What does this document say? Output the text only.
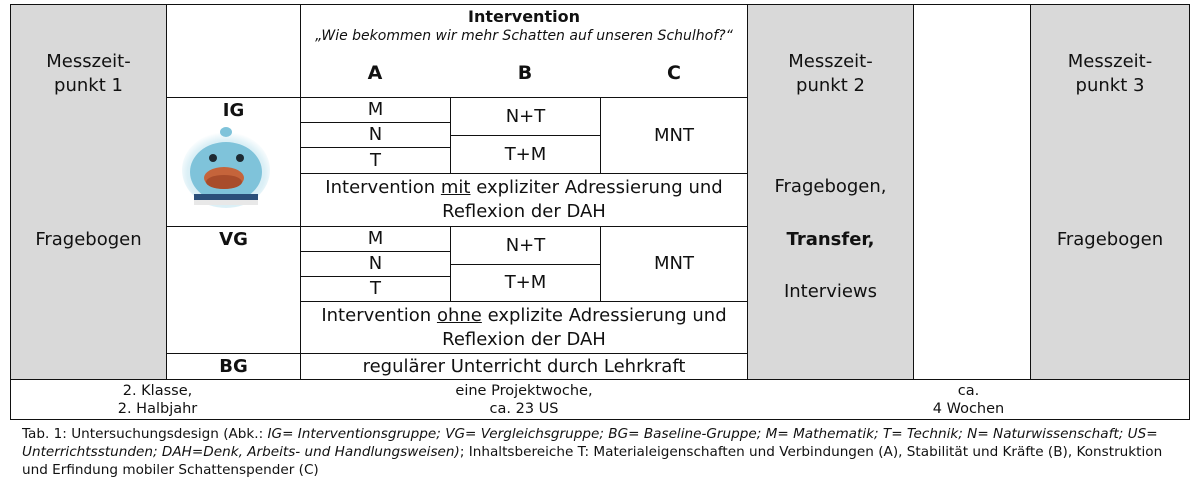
Messzeit-
punkt 1
Fragebogen
IG
VG
BG
Intervention
„Wie bekommen wir mehr Schatten auf unseren Schulhof?“
A	B	C
M
N
T
N+T
T+M
MNT
Intervention mit expliziter Adressierung und Reflexion der DAH
M
N
T
N+T
T+M
MNT
Intervention ohne explizite Adressierung und Reflexion der DAH
regulärer Unterricht durch Lehrkraft
Messzeit-
punkt 2
Fragebogen,
Transfer,
Interviews
Messzeit-
punkt 3
Fragebogen
2. Klasse,
2. Halbjahr
eine Projektwoche,
ca. 23 US
ca.
4 Wochen
Tab. 1: Untersuchungsdesign (Abk.: IG= Interventionsgruppe; VG= Vergleichsgruppe; BG= Baseline-Gruppe; M= Mathematik; T= Technik; N= Naturwissenschaft; US= Unterrichtsstunden; DAH=Denk, Arbeits- und Handlungsweisen); Inhaltsbereiche T: Materialeigenschaften und Verbindungen (A), Stabilität und Kräfte (B), Konstruktion und Erfindung mobiler Schattenspender (C)
